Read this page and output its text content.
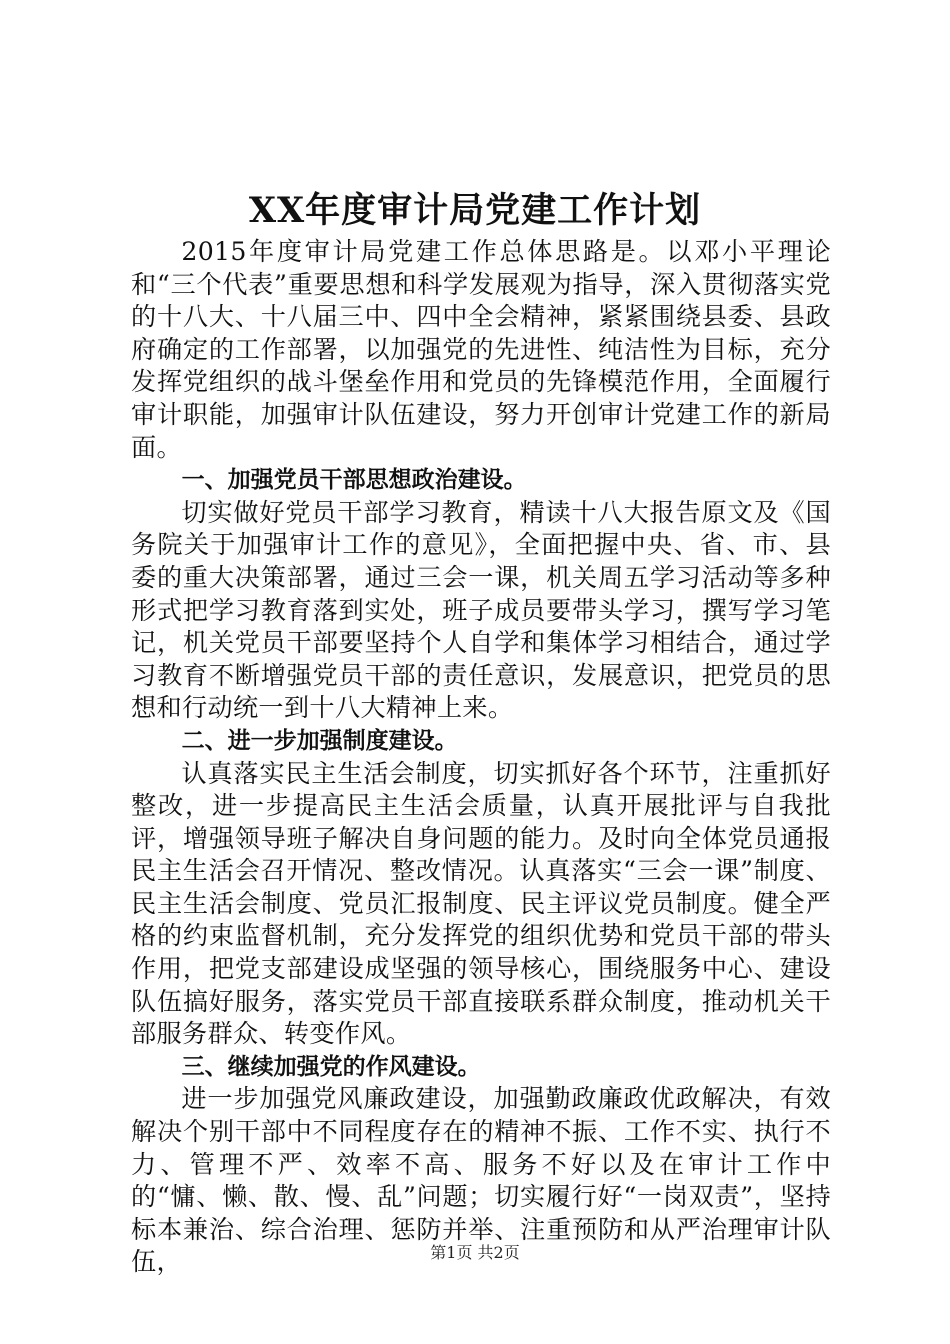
XX年度审计局党建工作计划

2015年度审计局党建工作总体思路是。以邓小平理论和“三个代表”重要思想和科学发展观为指导，深入贯彻落实党的十八大、十八届三中、四中全会精神，紧紧围绕县委、县政府确定的工作部署，以加强党的先进性、纯洁性为目标，充分发挥党组织的战斗堡垒作用和党员的先锋模范作用，全面履行审计职能，加强审计队伍建设，努力开创审计党建工作的新局面。

一、加强党员干部思想政治建设。

切实做好党员干部学习教育，精读十八大报告原文及《国务院关于加强审计工作的意见》，全面把握中央、省、市、县委的重大决策部署，通过三会一课，机关周五学习活动等多种形式把学习教育落到实处，班子成员要带头学习，撰写学习笔记，机关党员干部要坚持个人自学和集体学习相结合，通过学习教育不断增强党员干部的责任意识，发展意识，把党员的思想和行动统一到十八大精神上来。

二、进一步加强制度建设。

认真落实民主生活会制度，切实抓好各个环节，注重抓好整改，进一步提高民主生活会质量，认真开展批评与自我批评，增强领导班子解决自身问题的能力。及时向全体党员通报民主生活会召开情况、整改情况。认真落实“三会一课”制度、民主生活会制度、党员汇报制度、民主评议党员制度。健全严格的约束监督机制，充分发挥党的组织优势和党员干部的带头作用，把党支部建设成坚强的领导核心，围绕服务中心、建设队伍搞好服务，落实党员干部直接联系群众制度，推动机关干部服务群众、转变作风。

三、继续加强党的作风建设。

进一步加强党风廉政建设，加强勤政廉政优政解决，有效解决个别干部中不同程度存在的精神不振、工作不实、执行不力、管理不严、效率不高、服务不好以及在审计工作中的“慵、懒、散、慢、乱”问题；切实履行好“一岗双责”，坚持标本兼治、综合治理、惩防并举、注重预防和从严治理审计队伍，	第1页 共2页
